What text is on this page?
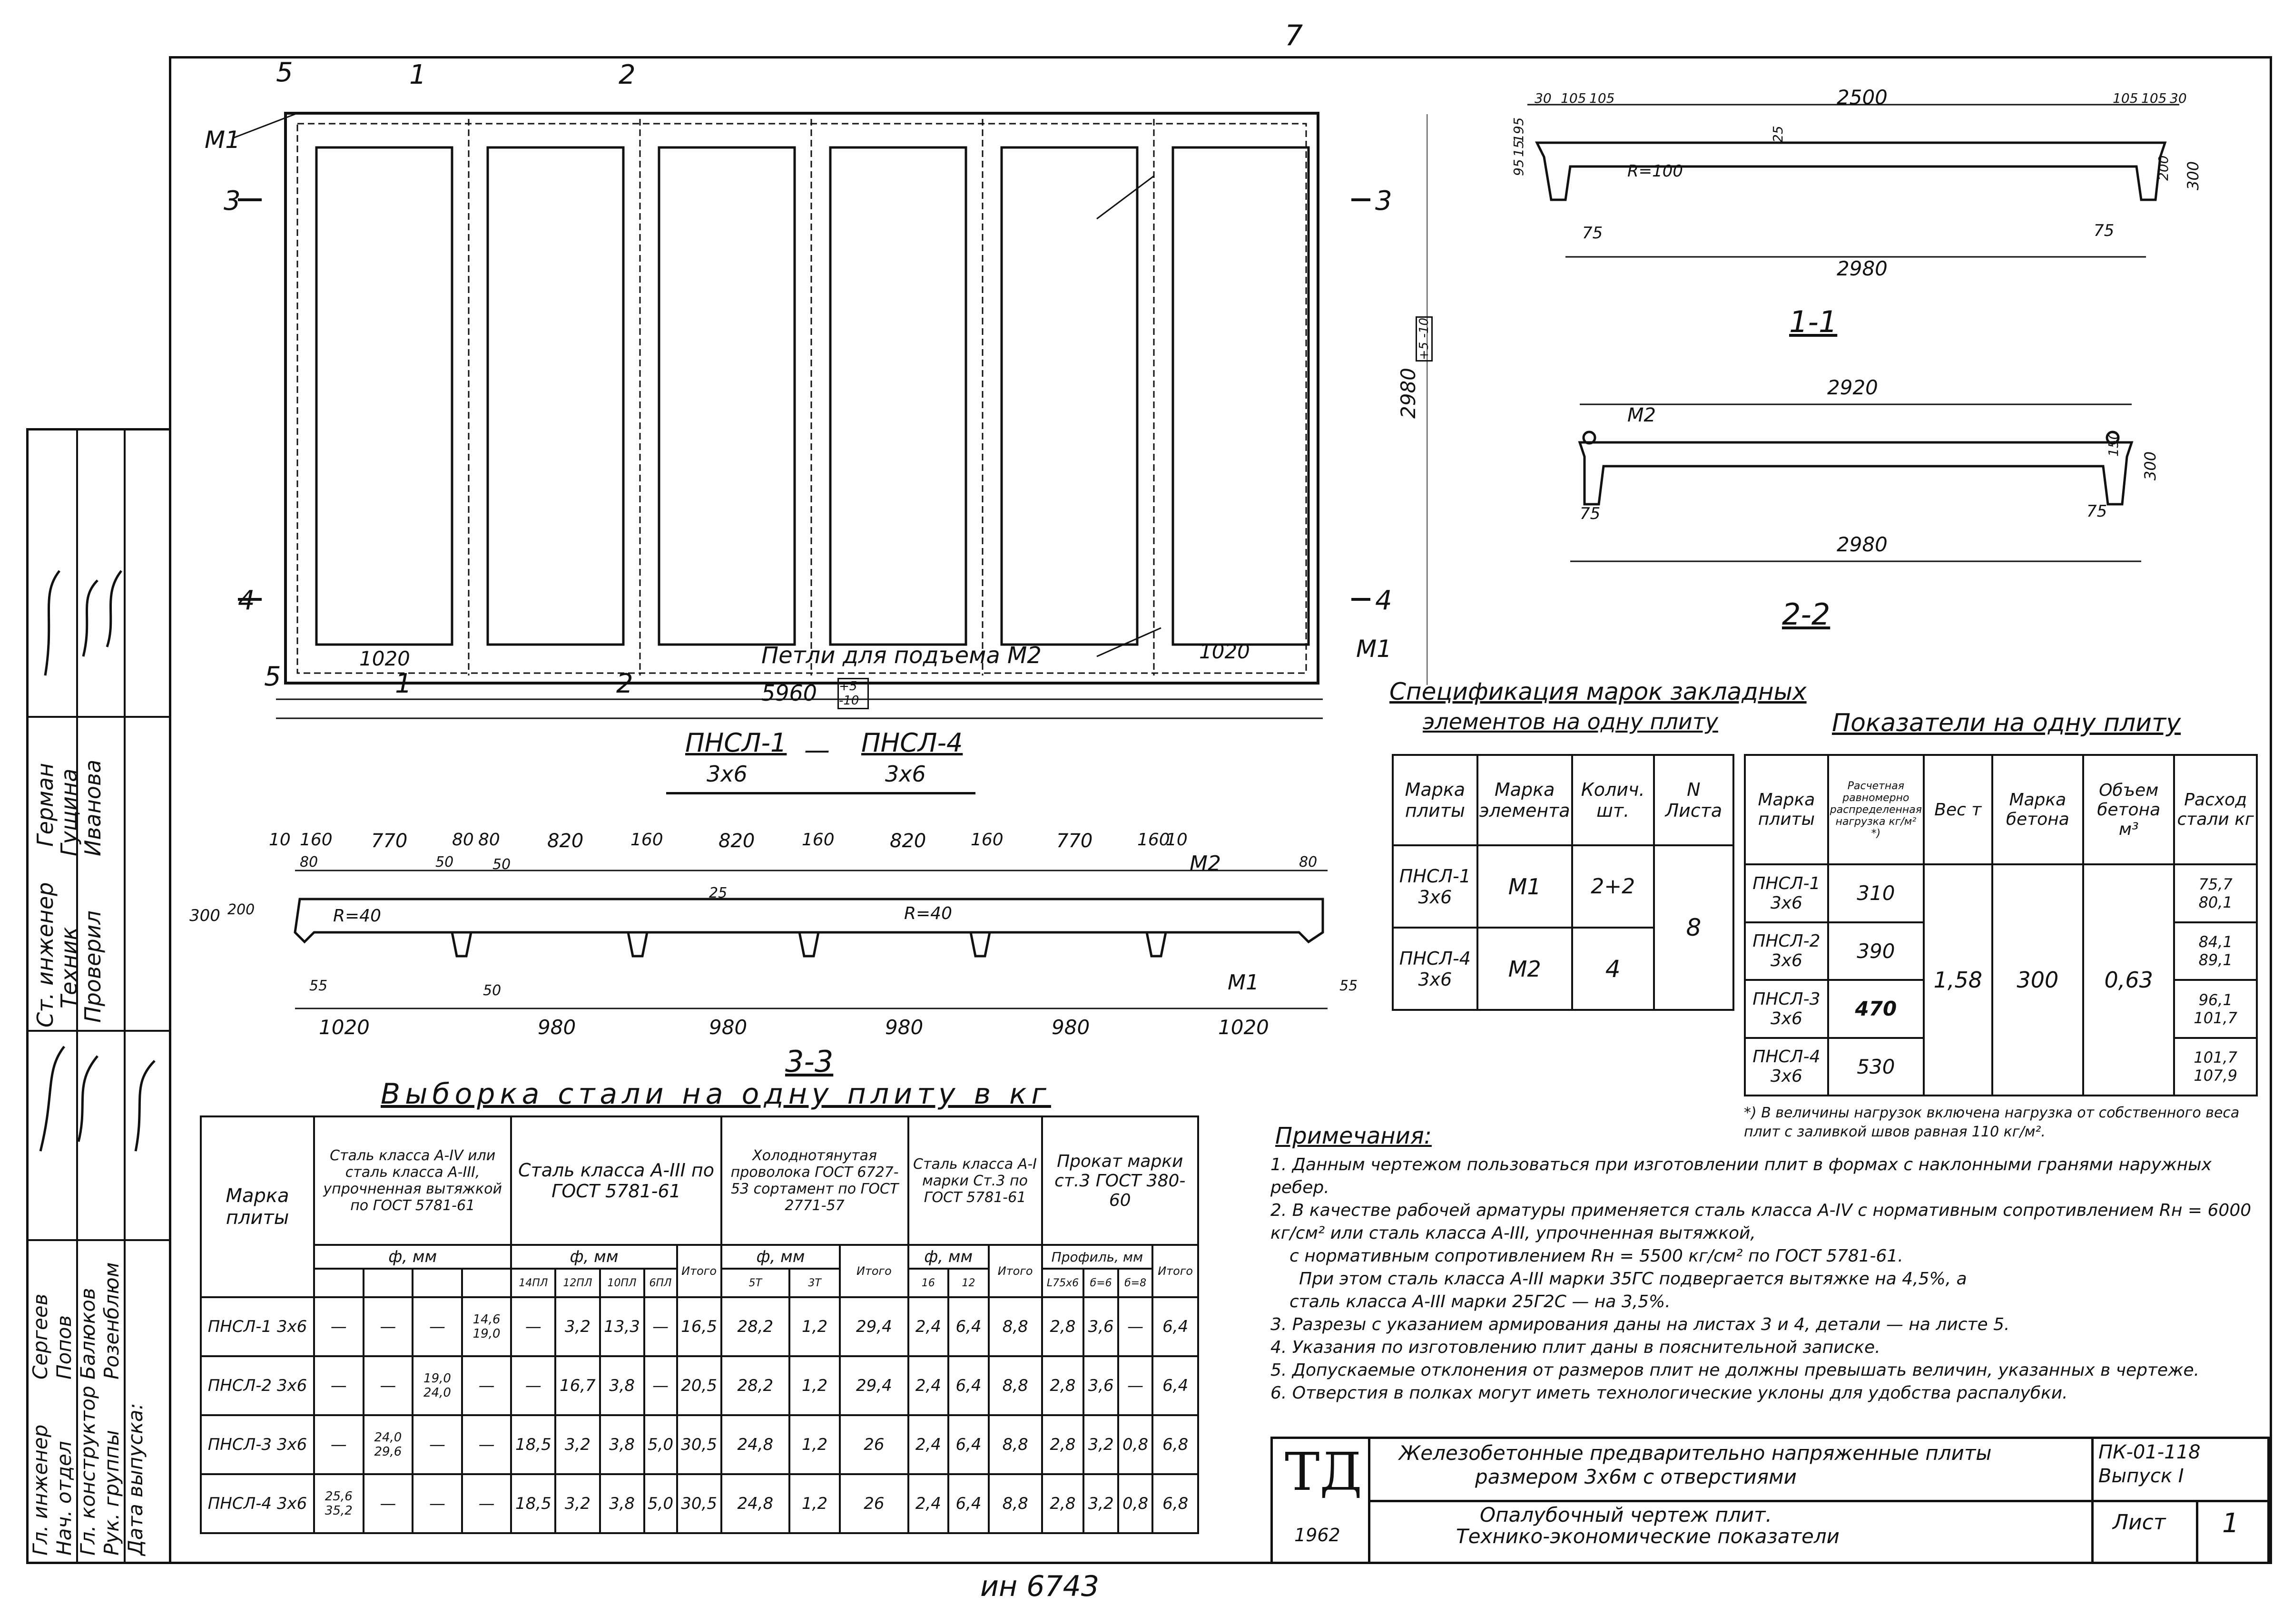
7
Ст. инженер
Техник
Проверил
Герман
Гущина
Иванова
Гл. инженер Нач. отдел Гл. конструктор Рук. группы Дата выпуска:
Сергеев Попов Балюков Розенблюм
5	1	2
3	3
4	4
5	1	2
M1
M1
1020	1020
5960 +5 -10
Петли для подъема M2
2980
+5 -10
ПНСЛ-1
3x6
— ПНСЛ-4
3x6
10 160 770	80 80 820	160	820	160	820	160	770	160
10
1020	980	980	980	980	1020
300 200	R=40	R=40
50	50
50
55	55
80	80
25
M2
M1
3-3
30 105 105	2500	105 105 30
2980
R=100
75	75
300
200
25
95
15
195
1-1
2920
2980
M2
75	75
300
150
2-2
Спецификация марок закладных
элементов на одну плиту
Марка плиты	Марка элемента	Колич. шт.	N Листа
ПНСЛ-1 3x6	M1	2+2	8
ПНСЛ-4 3x6	M2	4	
Показатели на одну плиту
Марка плиты	Расчетная равномерно распределенная нагрузка кг/м² *)	Вес т	Марка бетона	Объем бетона м³	Расход стали кг
ПНСЛ-1 3x6	310	1,58	300	0,63	75,7
80,1

ПНСЛ-2 3x6	390				84,1
89,1

ПНСЛ-3 3x6	470				96,1
101,7

ПНСЛ-4 3x6	530				101,7
107,9
*) В величины нагрузок включена нагрузка от собственного веса плит с заливкой швов равная 110 кг/м².
Выборка стали на одну плиту в кг
Марка плиты	Сталь класса A-IV или сталь класса A-III, упрочненная вытяжкой по ГОСТ 5781-61				Сталь класса A-III по ГОСТ 5781-61					Холоднотянутая проволока ГОСТ 6727-53 сортамент по ГОСТ 2771-57			Сталь класса A-I марки Ст.3 по ГОСТ 5781-61			Прокат марки ст.3 ГОСТ 380-60			
	ф, мм				ф, мм				Итого	ф, мм		Итого	ф, мм		Итого	Профиль, мм			Итого
					14ПЛ	12ПЛ	10ПЛ	6ПЛ		5Т	3Т		16	12		L75x6	б=6	б=8	
ПНСЛ-1 3x6	—	—	—	14,6 19,0	—	3,2	13,3	—	16,5	28,2	1,2	29,4	2,4	6,4	8,8	2,8	3,6	—	6,4
ПНСЛ-2 3x6	—	—	19,0 24,0	—	—	16,7	3,8	—	20,5	28,2	1,2	29,4	2,4	6,4	8,8	2,8	3,6	—	6,4
ПНСЛ-3 3x6	—	24,0 29,6	—	—	18,5	3,2	3,8	5,0	30,5	24,8	1,2	26	2,4	6,4	8,8	2,8	3,2	0,8	6,8
ПНСЛ-4 3x6	25,6 35,2	—	—	—	18,5	3,2	3,8	5,0	30,5	24,8	1,2	26	2,4	6,4	8,8	2,8	3,2	0,8	6,8
Примечания:
1. Данным чертежом пользоваться при изготовлении плит в формах с наклонными гранями наружных ребер.
2. В качестве рабочей арматуры применяется сталь класса A-IV с нормативным сопротивлением Rн = 6000 кг/см² или сталь класса A-III, упрочненная вытяжкой,
с нормативным сопротивлением Rн = 5500 кг/см² по ГОСТ 5781-61.
При этом сталь класса A-III марки 35ГС подвергается вытяжке на 4,5%, а
сталь класса A-III марки 25Г2С — на 3,5%.
3. Разрезы с указанием армирования даны на листах 3 и 4, детали — на листе 5.
4. Указания по изготовлению плит даны в пояснительной записке.
5. Допускаемые отклонения от размеров плит не должны превышать величин, указанных в чертеже.
6. Отверстия в полках могут иметь технологические уклоны для удобства распалубки.
ТД
1962
Железобетонные предварительно напряженные плиты
размером 3x6м с отверстиями
ПК-01-118
Выпуск I
Опалубочный чертеж плит.
Технико-экономические показатели
Лист 1
ин 6743
